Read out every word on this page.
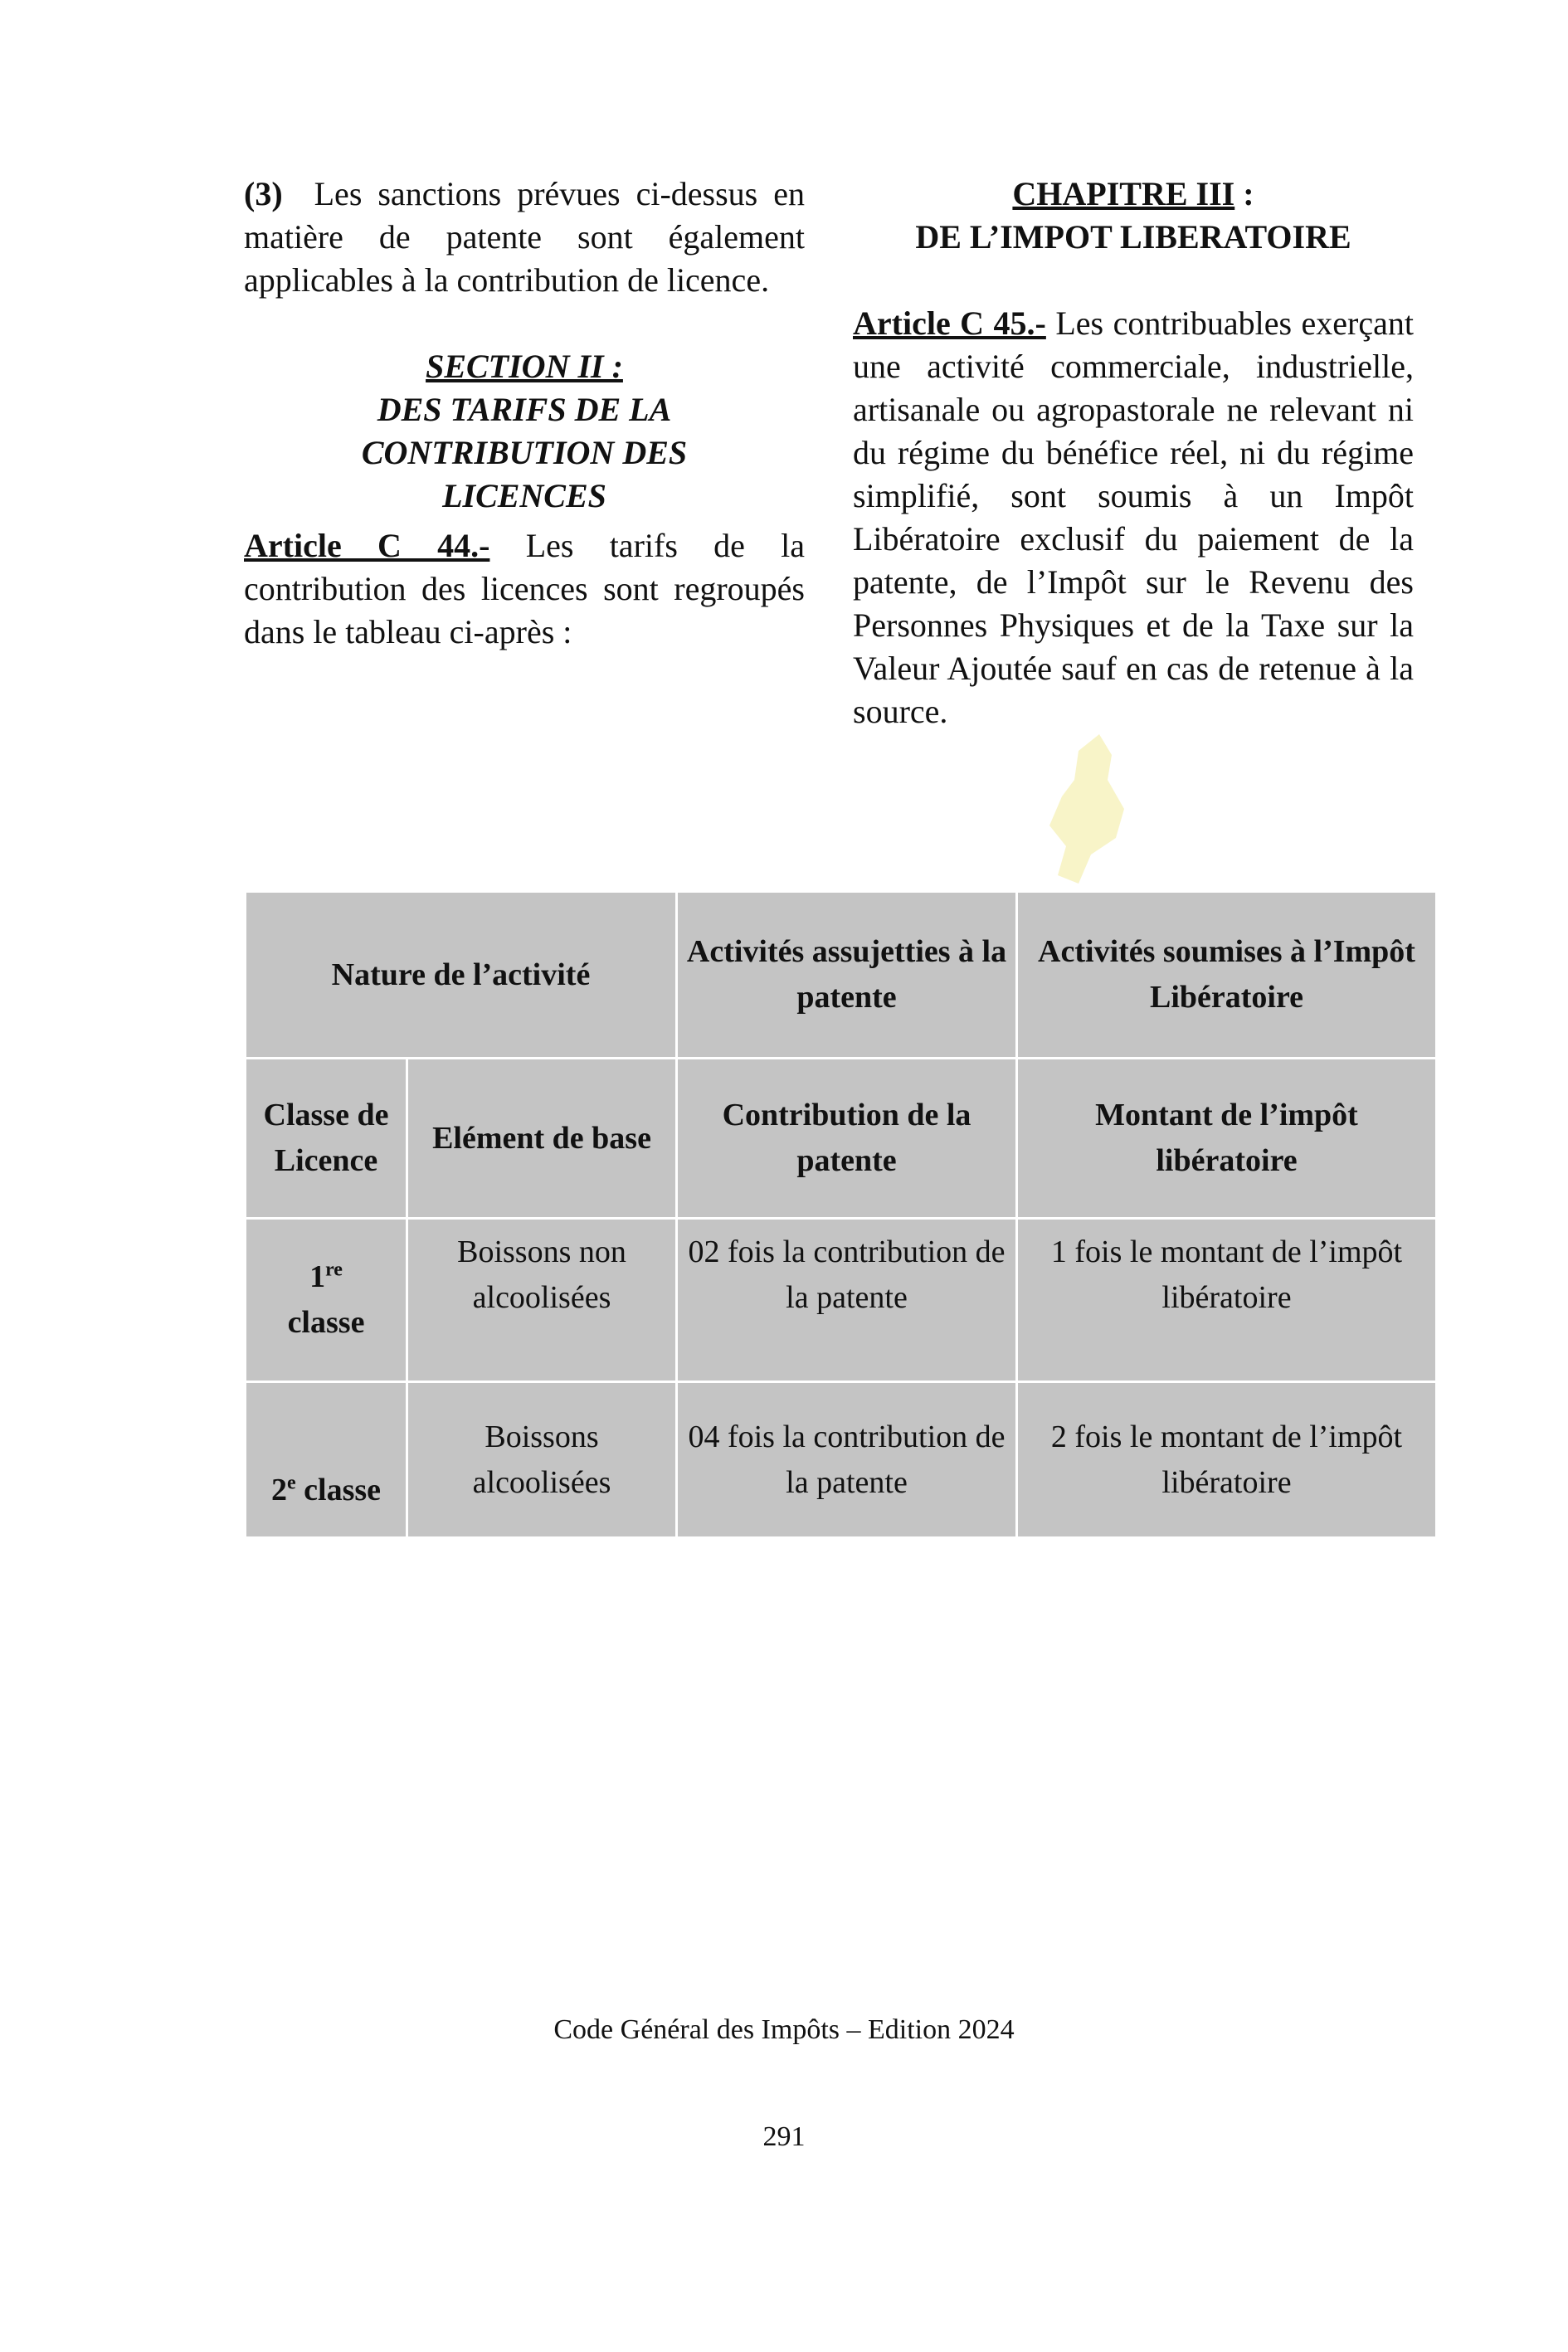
(3) Les sanctions prévues ci-dessus en matière de patente sont également applicables à la contribution de licence.

SECTION II :
DES TARIFS DE LA
CONTRIBUTION DES
LICENCES

Article C 44.- Les tarifs de la contribution des licences sont regroupés dans le tableau ci-après :

CHAPITRE III :
DE L’IMPOT LIBERATOIRE

Article C 45.- Les contribuables exerçant une activité commerciale, industrielle, artisanale ou agropastorale ne relevant ni du régime du bénéfice réel, ni du régime simplifié, sont soumis à un Impôt Libératoire exclusif du paiement de la patente, de l’Impôt sur le Revenu des Personnes Physiques et de la Taxe sur la Valeur Ajoutée sauf en cas de retenue à la source.

Nature de l’activité		Activités assujetties à la patente	Activités soumises à l’Impôt Libératoire
Classe de Licence	Elément de base	Contribution de la patente	Montant de l’impôt libératoire
1re
classe	Boissons non alcoolisées	02 fois la contribution de la patente	1 fois le montant de l’impôt libératoire
2e classe	Boissons alcoolisées	04 fois la contribution de la patente	2 fois le montant de l’impôt libératoire
Code Général des Impôts – Edition 2024
291
